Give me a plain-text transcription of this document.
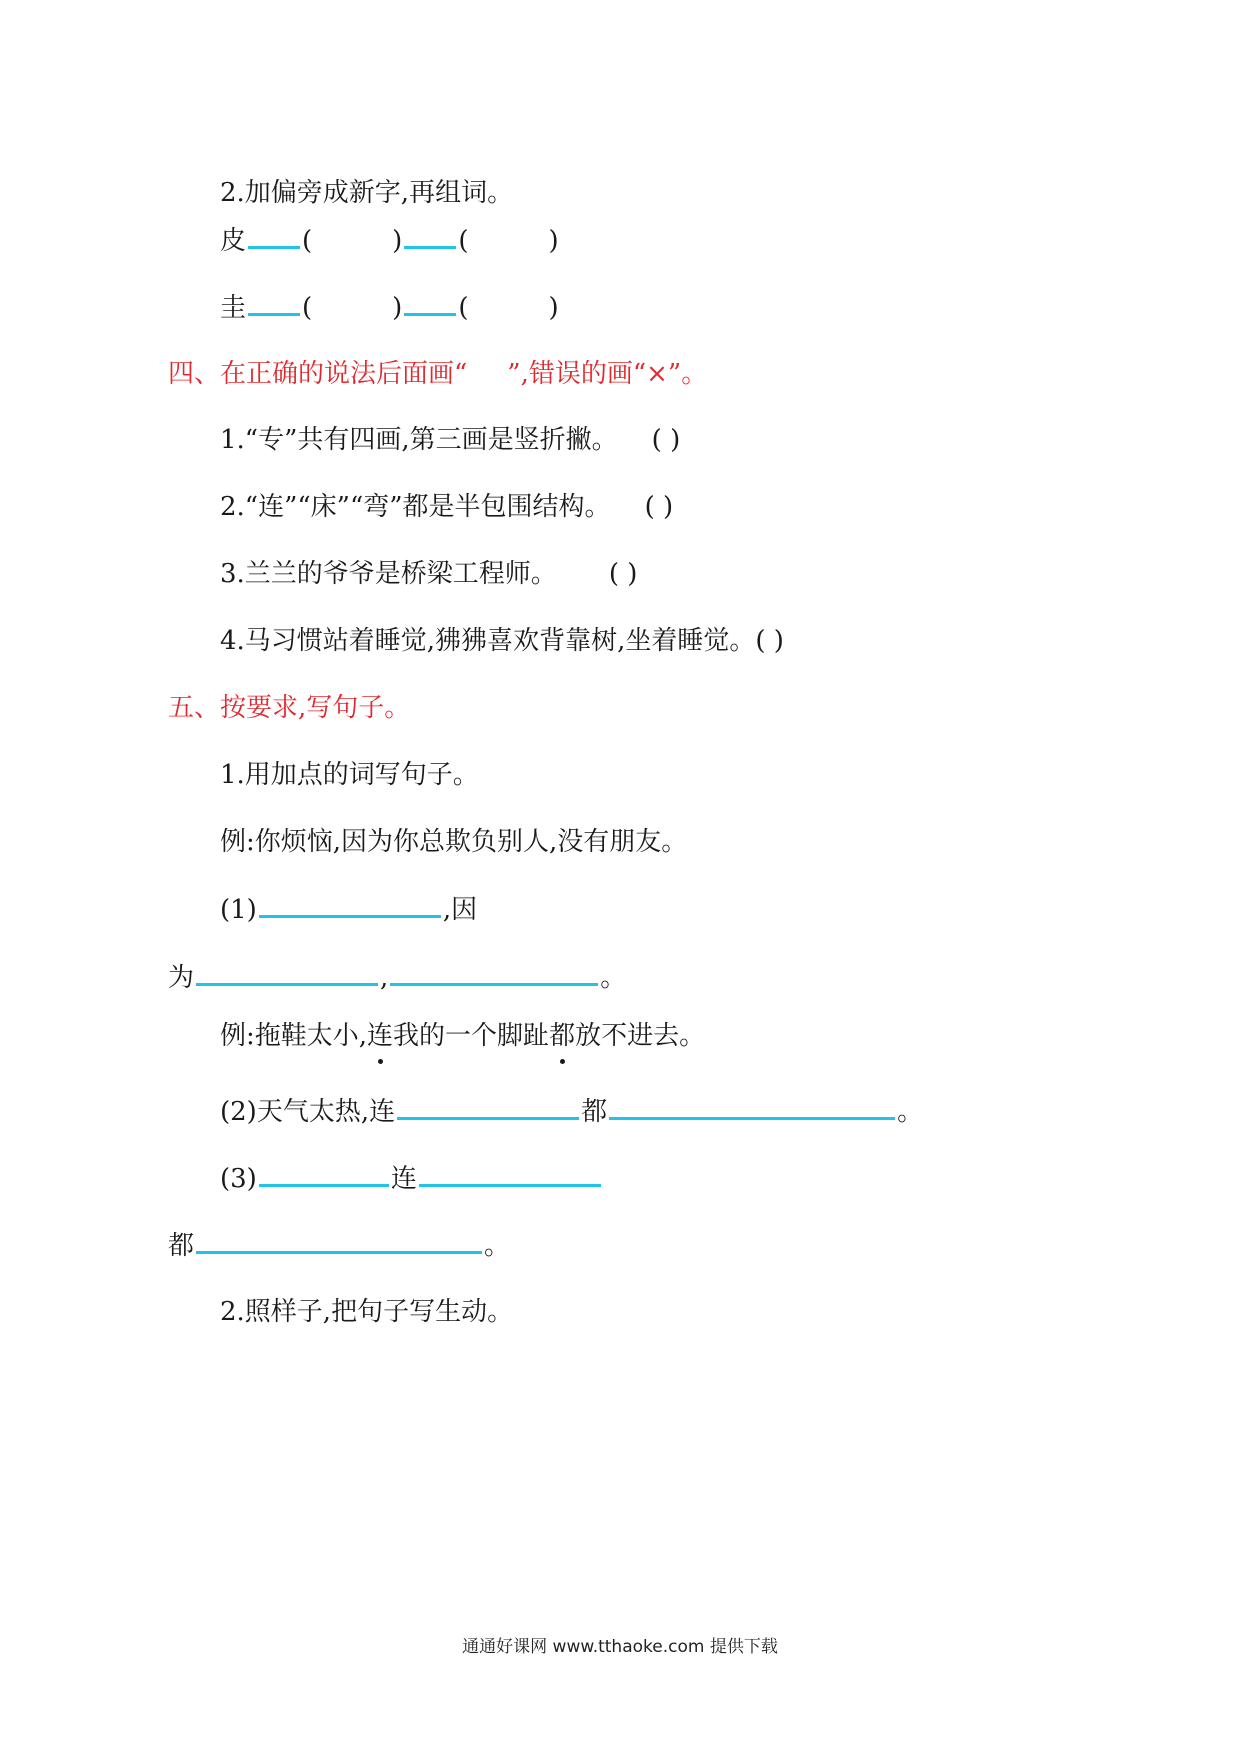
2.加偏旁成新字,再组词。
皮 (	) (	)
圭 (	) (	)
四、在正确的说法后面画“ ”,错误的画“×”。
1.“专”共有四画,第三画是竖折撇。 ( )
2.“连”“床”“弯”都是半包围结构。 ( )
3.兰兰的爷爷是桥梁工程师。 ( )
4.马习惯站着睡觉,狒狒喜欢背靠树,坐着睡觉。( )
五、按要求,写句子。
1.用加点的词写句子。
例:你烦恼,因为你总欺负别人,没有朋友。
(1)	,因
为	,	。
例:拖鞋太小,连我的一个脚趾都放不进去。
(2)天气太热,连	都	。
(3)	连
都	。
2.照样子,把句子写生动。
通通好课网 www.tthaoke.com 提供下载
